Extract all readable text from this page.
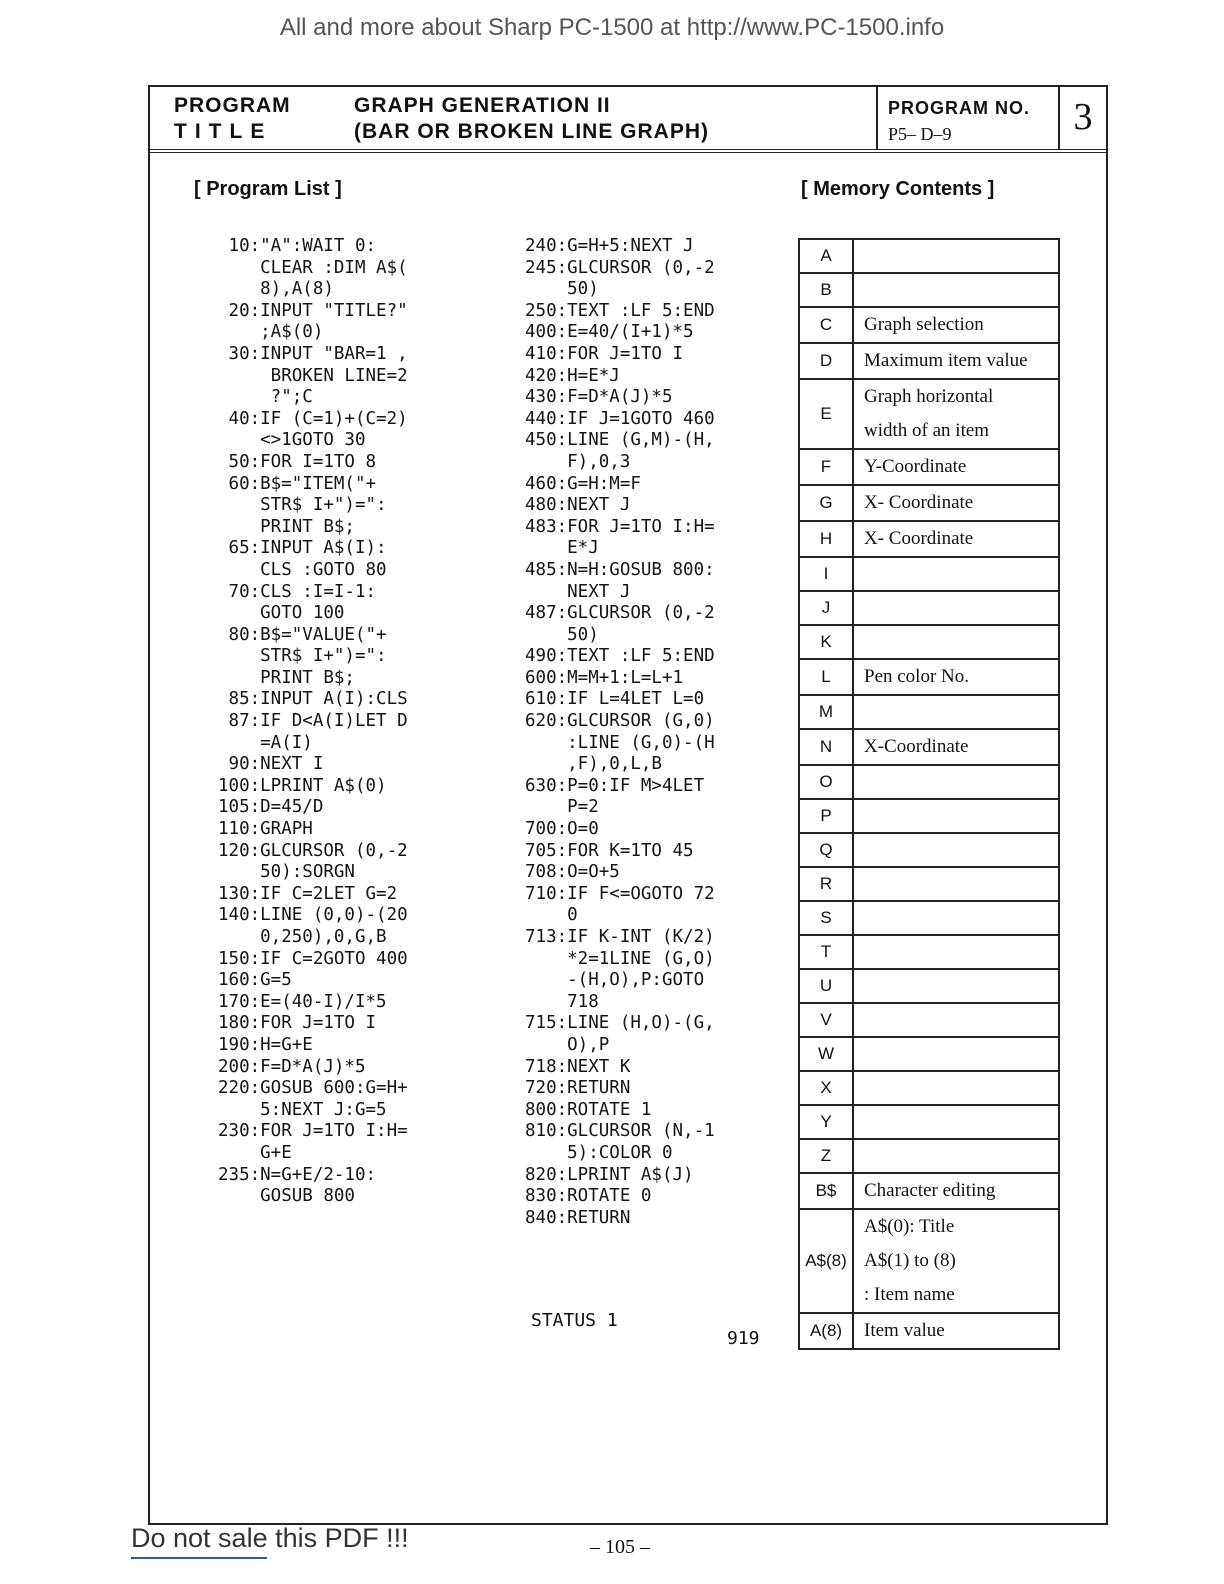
All and more about Sharp PC-1500 at http://www.PC-1500.info
PROGRAM
TITLE
GRAPH GENERATION II
(BAR OR BROKEN LINE GRAPH)
PROGRAM NO.
P5– D–9	3
[ Program List ]	[ Memory Contents ]
10:"A":WAIT 0:
CLEAR :DIM A$(
8),A(8)
20:INPUT "TITLE?"
;A$(0)
30:INPUT "BAR=1 ,
BROKEN LINE=2
?";C
40:IF (C=1)+(C=2)
<>1GOTO 30
50:FOR I=1TO 8
60:B$="ITEM("+
STR$ I+")=":
PRINT B$;
65:INPUT A$(I):
CLS :GOTO 80
70:CLS :I=I-1:
GOTO 100
80:B$="VALUE("+
STR$ I+")=":
PRINT B$;
85:INPUT A(I):CLS
87:IF D<A(I)LET D
=A(I)
90:NEXT I
100:LPRINT A$(0)
105:D=45/D
110:GRAPH
120:GLCURSOR (0,-2
50):SORGN
130:IF C=2LET G=2
140:LINE (0,0)-(20
0,250),0,G,B
150:IF C=2GOTO 400
160:G=5
170:E=(40-I)/I*5
180:FOR J=1TO I
190:H=G+E
200:F=D*A(J)*5
220:GOSUB 600:G=H+
5:NEXT J:G=5
230:FOR J=1TO I:H=
G+E
235:N=G+E/2-10:
GOSUB 800
240:G=H+5:NEXT J
245:GLCURSOR (0,-2
50)
250:TEXT :LF 5:END
400:E=40/(I+1)*5
410:FOR J=1TO I
420:H=E*J
430:F=D*A(J)*5
440:IF J=1GOTO 460
450:LINE (G,M)-(H,
F),0,3
460:G=H:M=F
480:NEXT J
483:FOR J=1TO I:H=
E*J
485:N=H:GOSUB 800:
NEXT J
487:GLCURSOR (0,-2
50)
490:TEXT :LF 5:END
600:M=M+1:L=L+1
610:IF L=4LET L=0
620:GLCURSOR (G,0)
:LINE (G,0)-(H
,F),0,L,B
630:P=0:IF M>4LET
P=2
700:O=0
705:FOR K=1TO 45
708:O=O+5
710:IF F<=OGOTO 72
0
713:IF K-INT (K/2)
*2=1LINE (G,O)
-(H,O),P:GOTO
718
715:LINE (H,O)-(G,
O),P
718:NEXT K
720:RETURN
800:ROTATE 1
810:GLCURSOR (N,-1
5):COLOR 0
820:LPRINT A$(J)
830:ROTATE 0
840:RETURN
STATUS 1
919
A	
B	
C	Graph selection

D	Maximum item value

E	Graph horizontal
width of an item

F	Y-Coordinate

G	X- Coordinate

H	X- Coordinate

I	
J	
K	
L	Pen color No.

M	
N	X-Coordinate

O	
P	
Q	
R	
S	
T	
U	
V	
W	
X	
Y	
Z	
B$	Character editing

A$(8)	A$(0): Title
A$(1) to (8)
: Item name

A(8)	Item value
Do not sale this PDF !!!	– 105 –
